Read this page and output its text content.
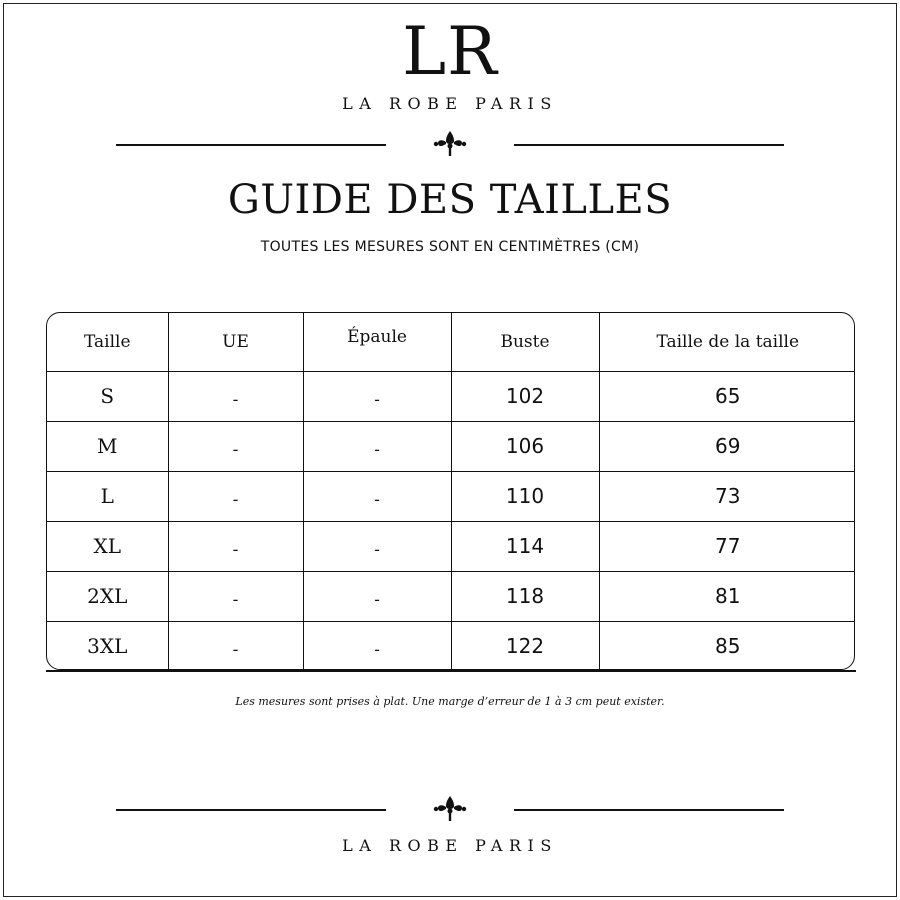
LR
LA ROBE PARIS
GUIDE DES TAILLES
TOUTES LES MESURES SONT EN CENTIMÈTRES (CM)
Taille	UE	Épaule	Buste	Taille de la taille
S	-	-	102	65
M	-	-	106	69
L	-	-	110	73
XL	-	-	114	77
2XL	-	-	118	81
3XL	-	-	122	85
Les mesures sont prises à plat. Une marge d’erreur de 1 à 3 cm peut exister.
LA ROBE PARIS
